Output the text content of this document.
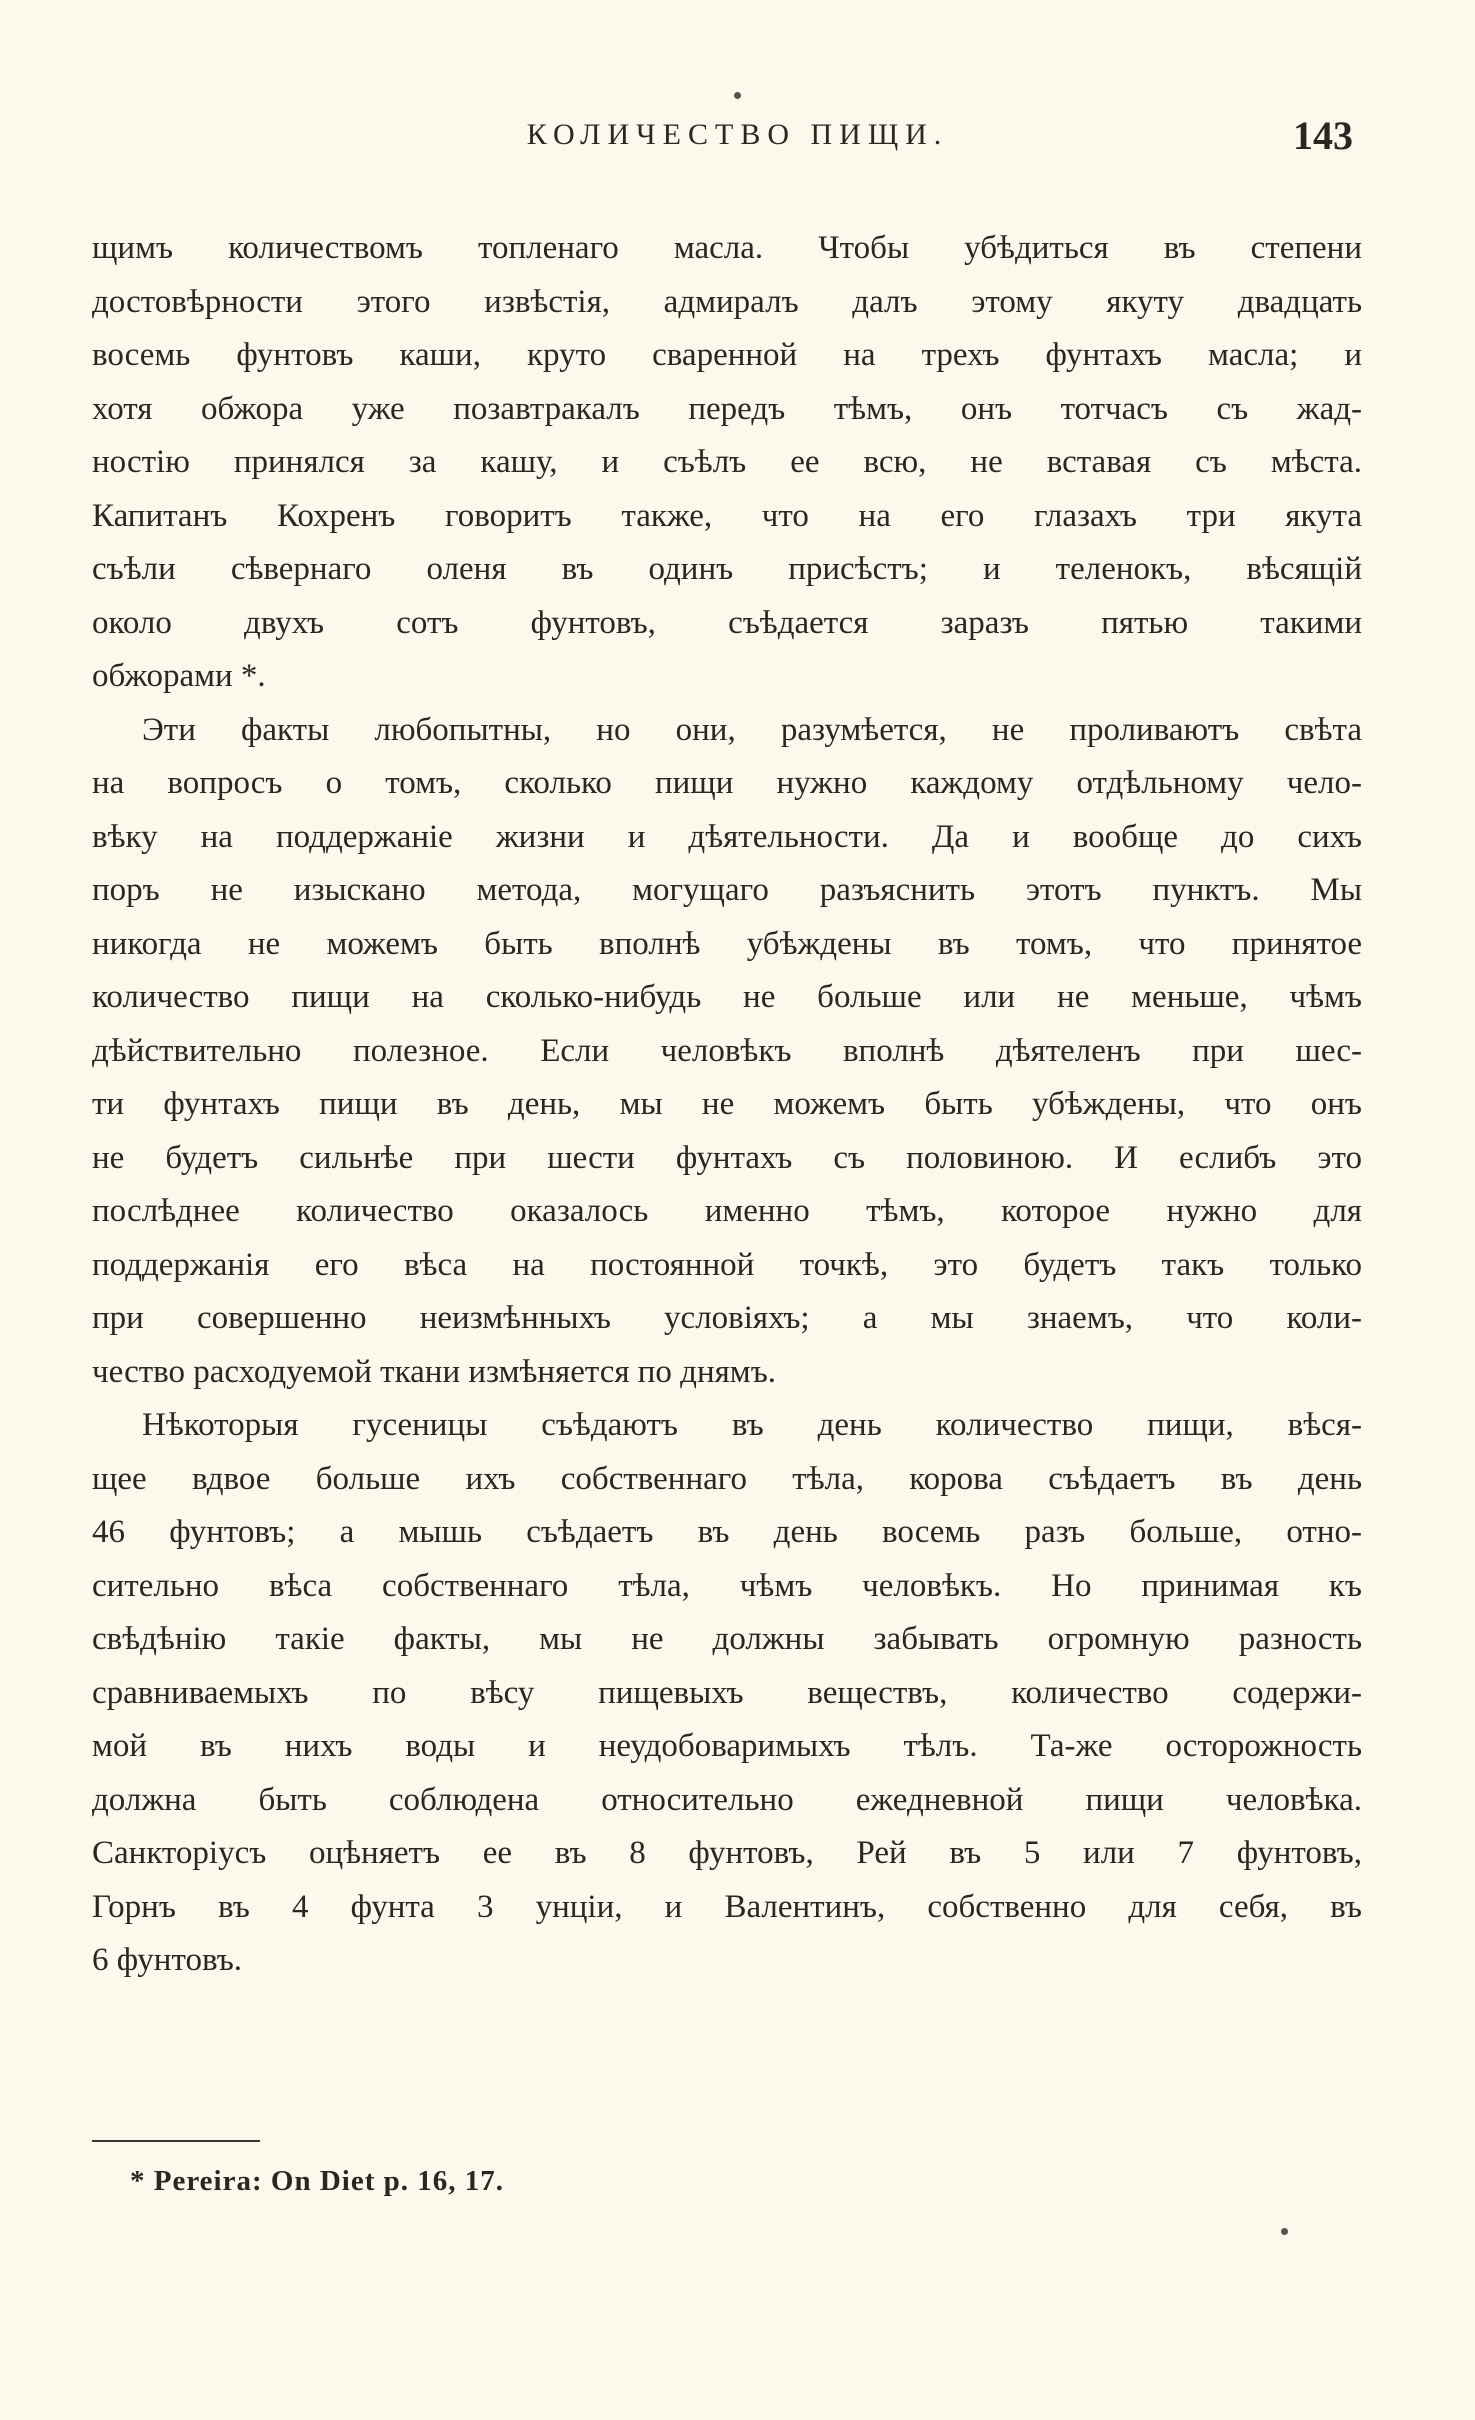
КОЛИЧЕСТВО ПИЩИ.	143
щимъ количествомъ топленаго масла. Чтобы убѣдиться въ степени
достовѣрности этого извѣстія, адмиралъ далъ этому якуту двадцать
восемь фунтовъ каши, круто сваренной на трехъ фунтахъ масла; и
хотя обжора уже позавтракалъ передъ тѣмъ, онъ тотчасъ съ жад-
ностію принялся за кашу, и съѣлъ ее всю, не вставая съ мѣста.
Капитанъ Кохренъ говоритъ также, что на его глазахъ три якута
съѣли сѣвернаго оленя въ одинъ присѣстъ; и теленокъ, вѣсящій
около двухъ сотъ фунтовъ, съѣдается заразъ пятью такими
обжорами *.
Эти факты любопытны, но они, разумѣется, не проливаютъ свѣта
на вопросъ о томъ, сколько пищи нужно каждому отдѣльному чело-
вѣку на поддержаніе жизни и дѣятельности. Да и вообще до сихъ
поръ не изыскано метода, могущаго разъяснить этотъ пунктъ. Мы
никогда не можемъ быть вполнѣ убѣждены въ томъ, что принятое
количество пищи на сколько-нибудь не больше или не меньше, чѣмъ
дѣйствительно полезное. Если человѣкъ вполнѣ дѣятеленъ при шес-
ти фунтахъ пищи въ день, мы не можемъ быть убѣждены, что онъ
не будетъ сильнѣе при шести фунтахъ съ половиною. И еслибъ это
послѣднее количество оказалось именно тѣмъ, которое нужно для
поддержанія его вѣса на постоянной точкѣ, это будетъ такъ только
при совершенно неизмѣнныхъ условіяхъ; а мы знаемъ, что коли-
чество расходуемой ткани измѣняется по днямъ.
Нѣкоторыя гусеницы съѣдаютъ въ день количество пищи, вѣся-
щее вдвое больше ихъ собственнаго тѣла, корова съѣдаетъ въ день
46 фунтовъ; а мышь съѣдаетъ въ день восемь разъ больше, отно-
сительно вѣса собственнаго тѣла, чѣмъ человѣкъ. Но принимая къ
свѣдѣнію такіе факты, мы не должны забывать огромную разность
сравниваемыхъ по вѣсу пищевыхъ веществъ, количество содержи-
мой въ нихъ воды и неудобоваримыхъ тѣлъ. Та-же осторожность
должна быть соблюдена относительно ежедневной пищи человѣка.
Санкторіусъ оцѣняетъ ее въ 8 фунтовъ, Рей въ 5 или 7 фунтовъ,
Горнъ въ 4 фунта 3 унціи, и Валентинъ, собственно для себя, въ
6 фунтовъ.
* Pereira: On Diet p. 16, 17.
